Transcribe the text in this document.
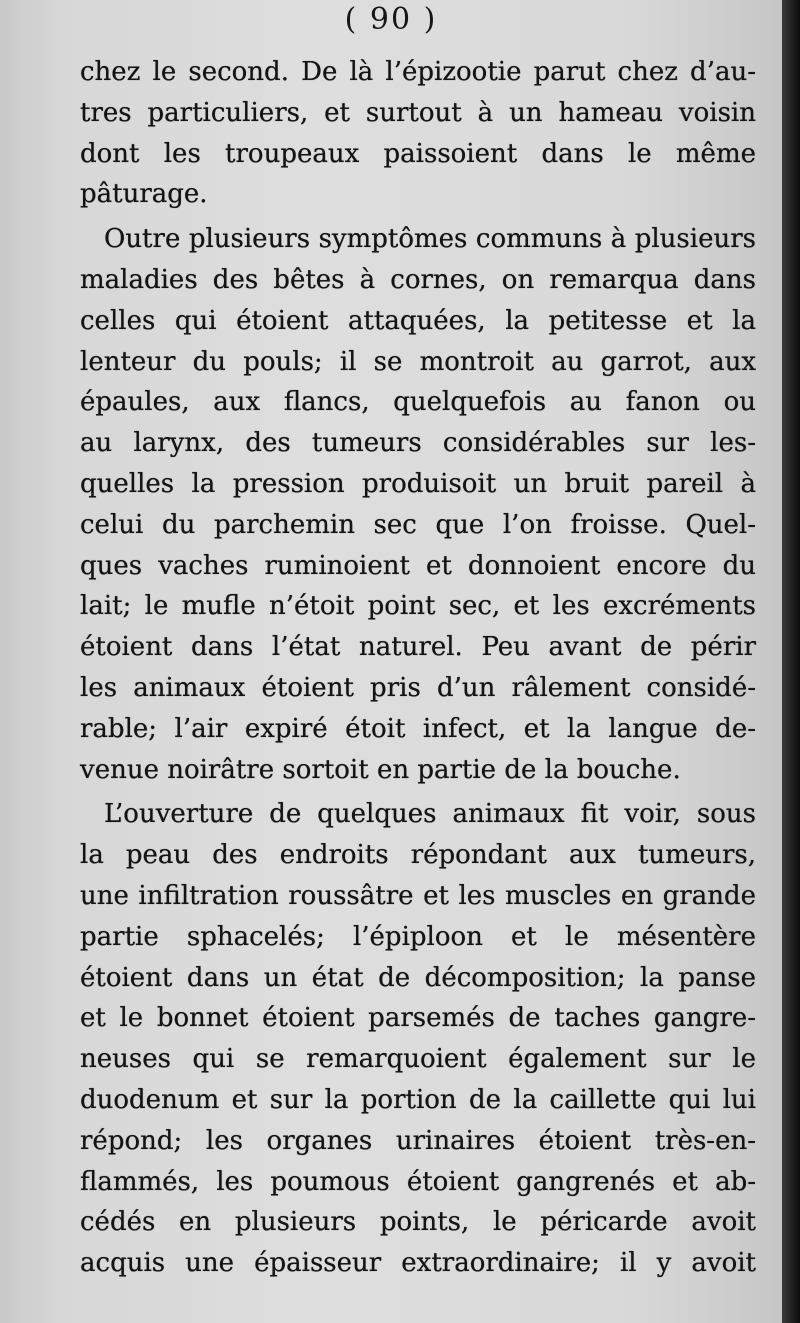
( 90 )
chez le second. De là l’épizootie parut chez d’au-
tres particuliers, et surtout à un hameau voisin
dont les troupeaux paissoient dans le même
pâturage.
Outre plusieurs symptômes communs à plusieurs
maladies des bêtes à cornes, on remarqua dans
celles qui étoient attaquées, la petitesse et la
lenteur du pouls; il se montroit au garrot, aux
épaules, aux flancs, quelquefois au fanon ou
au larynx, des tumeurs considérables sur les-
quelles la pression produisoit un bruit pareil à
celui du parchemin sec que l’on froisse. Quel-
ques vaches ruminoient et donnoient encore du
lait; le mufle n’étoit point sec, et les excréments
étoient dans l’état naturel. Peu avant de périr
les animaux étoient pris d’un râlement considé-
rable; l’air expiré étoit infect, et la langue de-
venue noirâtre sortoit en partie de la bouche.
L’ouverture de quelques animaux fit voir, sous
la peau des endroits répondant aux tumeurs,
une infiltration roussâtre et les muscles en grande
partie sphacelés; l’épiploon et le mésentère
étoient dans un état de décomposition; la panse
et le bonnet étoient parsemés de taches gangre-
neuses qui se remarquoient également sur le
duodenum et sur la portion de la caillette qui lui
répond; les organes urinaires étoient très-en-
flammés, les poumous étoient gangrenés et ab-
cédés en plusieurs points, le péricarde avoit
acquis une épaisseur extraordinaire; il y avoit
